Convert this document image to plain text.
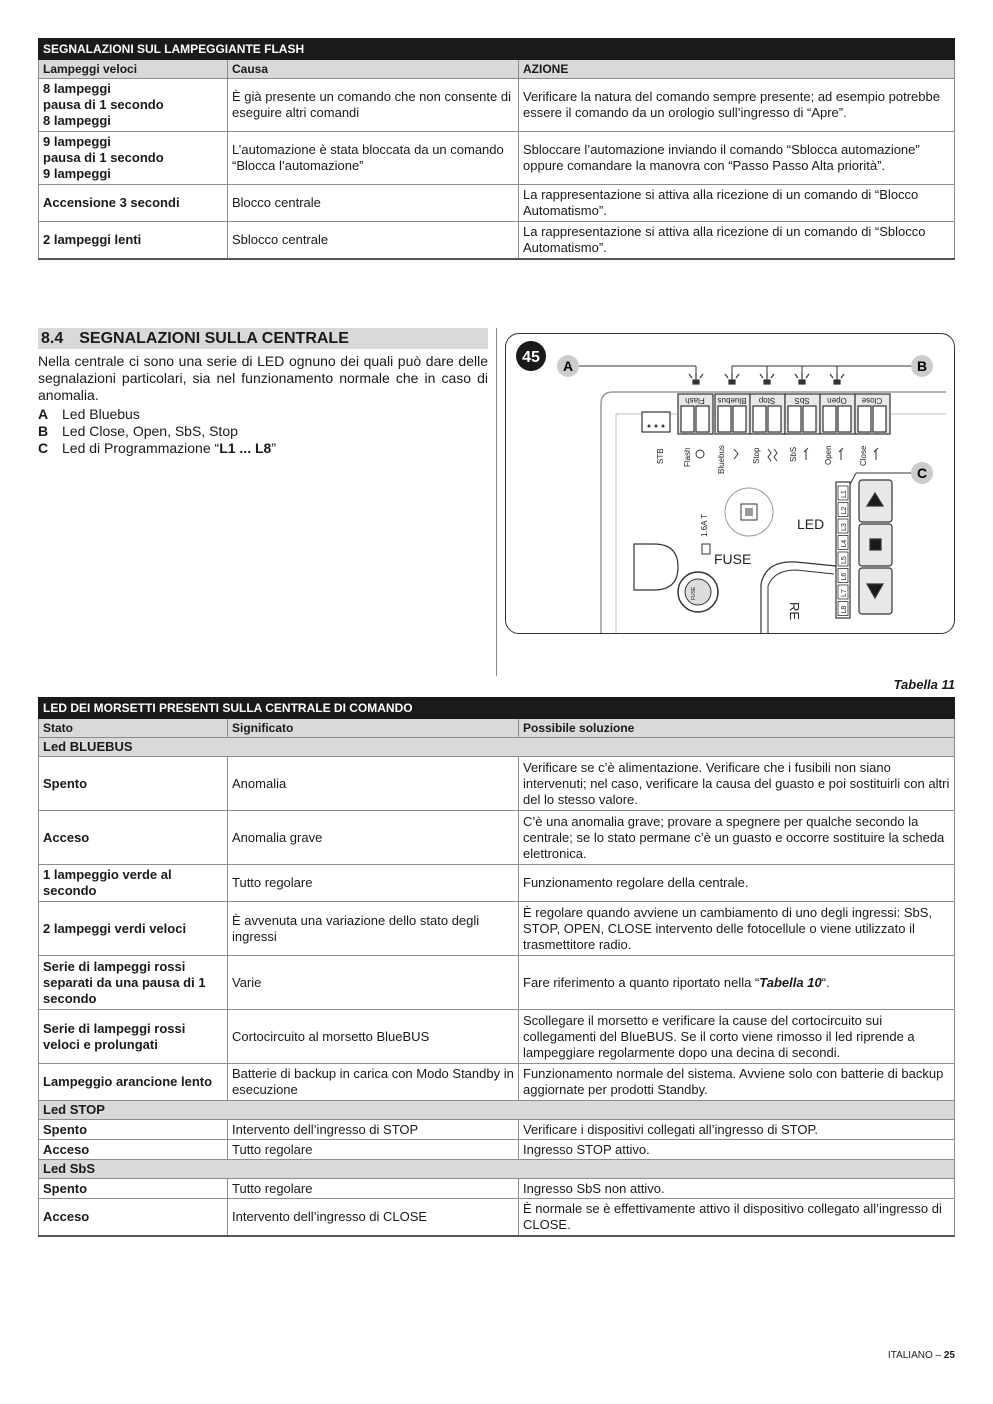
SEGNALAZIONI SUL LAMPEGGIANTE FLASH		
Lampeggi veloci	Causa	AZIONE
8 lampeggi
pausa di 1 secondo
8 lampeggi	È già presente un comando che non consente di eseguire altri comandi	Verificare la natura del comando sempre presente; ad esempio potrebbe essere il comando da un orologio sull’ingresso di “Apre”.
9 lampeggi
pausa di 1 secondo
9 lampeggi	L’automazione è stata bloccata da un comando “Blocca l’automazione”	Sbloccare l’automazione inviando il comando “Sblocca automazione” oppure comandare la manovra con “Passo Passo Alta priorità”.
Accensione 3 secondi	Blocco centrale	La rappresentazione si attiva alla ricezione di un comando di “Blocco Automatismo”.
2 lampeggi lenti	Sblocco centrale	La rappresentazione si attiva alla ricezione di un comando di “Sblocco Automatismo”.
8.4 SEGNALAZIONI SULLA CENTRALE

Nella centrale ci sono una serie di LED ognuno dei quali può dare delle segnalazioni particolari, sia nel funzionamento normale che in caso di anomalia.

A Led Bluebus
B Led Close, Open, SbS, Stop
C Led di Programmazione “L1 ... L8”
45 A	B
C
Flash Bluebus Stop SbS Open Close
STB Flash	Bluebus	Stop	SbS	Open	Close
LED
1.6A T
FUSE
FUSE
RE
L1
L2
L3
L4
L5
L6
L7
L8
Tabella 11
LED DEI MORSETTI PRESENTI SULLA CENTRALE DI COMANDO		
Stato	Significato	Possibile soluzione
Led BLUEBUS		
Spento	Anomalia	Verificare se c’è alimentazione. Verificare che i fusibili non siano intervenuti; nel caso, verificare la causa del guasto e poi sostituirli con altri del lo stesso valore.
Acceso	Anomalia grave	C’è una anomalia grave; provare a spegnere per qualche secondo la centrale; se lo stato permane c’è un guasto e occorre sostituire la scheda elettronica.
1 lampeggio verde al secondo	Tutto regolare	Funzionamento regolare della centrale.
2 lampeggi verdi veloci	È avvenuta una variazione dello stato degli ingressi	È regolare quando avviene un cambiamento di uno degli ingressi: SbS, STOP, OPEN, CLOSE intervento delle fotocellule o viene utilizzato il trasmettitore radio.
Serie di lampeggi rossi separati da una pausa di 1 secondo	Varie	Fare riferimento a quanto riportato nella “Tabella 10“.
Serie di lampeggi rossi veloci e prolungati	Cortocircuito al morsetto BlueBUS	Scollegare il morsetto e verificare la cause del cortocircuito sui collegamenti del BlueBUS. Se il corto viene rimosso il led riprende a lampeggiare regolarmente dopo una decina di secondi.
Lampeggio arancione lento	Batterie di backup in carica con Modo Standby in esecuzione	Funzionamento normale del sistema. Avviene solo con batterie di backup aggiornate per prodotti Standby.
Led STOP		
Spento	Intervento dell’ingresso di STOP	Verificare i dispositivi collegati all’ingresso di STOP.
Acceso	Tutto regolare	Ingresso STOP attivo.
Led SbS		
Spento	Tutto regolare	Ingresso SbS non attivo.
Acceso	Intervento dell’ingresso di CLOSE	È normale se è effettivamente attivo il dispositivo collegato all’ingresso di CLOSE.
ITALIANO – 25
